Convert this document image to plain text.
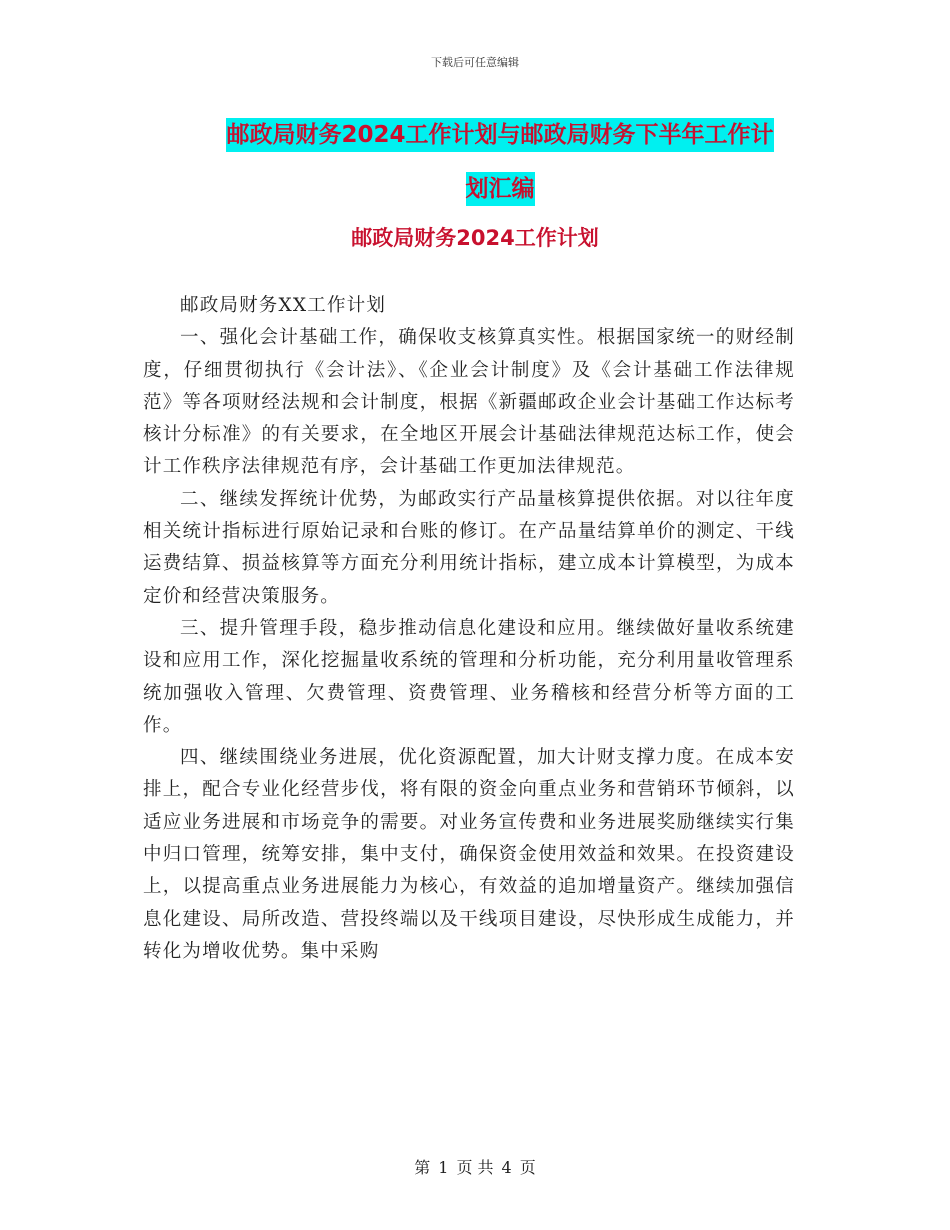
下载后可任意编辑
邮政局财务2024工作计划与邮政局财务下半年工作计
划汇编
邮政局财务2024工作计划

邮政局财务XX工作计划

一、强化会计基础工作，确保收支核算真实性。根据国家统一的财经制度，仔细贯彻执行《会计法》、《企业会计制度》及《会计基础工作法律规范》等各项财经法规和会计制度，根据《新疆邮政企业会计基础工作达标考核计分标准》的有关要求，在全地区开展会计基础法律规范达标工作，使会计工作秩序法律规范有序，会计基础工作更加法律规范。

二、继续发挥统计优势，为邮政实行产品量核算提供依据。对以往年度相关统计指标进行原始记录和台账的修订。在产品量结算单价的测定、干线运费结算、损益核算等方面充分利用统计指标，建立成本计算模型，为成本定价和经营决策服务。

三、提升管理手段，稳步推动信息化建设和应用。继续做好量收系统建设和应用工作，深化挖掘量收系统的管理和分析功能，充分利用量收管理系统加强收入管理、欠费管理、资费管理、业务稽核和经营分析等方面的工作。

四、继续围绕业务进展，优化资源配置，加大计财支撑力度。在成本安排上，配合专业化经营步伐，将有限的资金向重点业务和营销环节倾斜，以适应业务进展和市场竞争的需要。对业务宣传费和业务进展奖励继续实行集中归口管理，统筹安排，集中支付，确保资金使用效益和效果。在投资建设上，以提高重点业务进展能力为核心，有效益的追加增量资产。继续加强信息化建设、局所改造、营投终端以及干线项目建设，尽快形成生成能力，并转化为增收优势。集中采购

第 1 页 共 4 页
